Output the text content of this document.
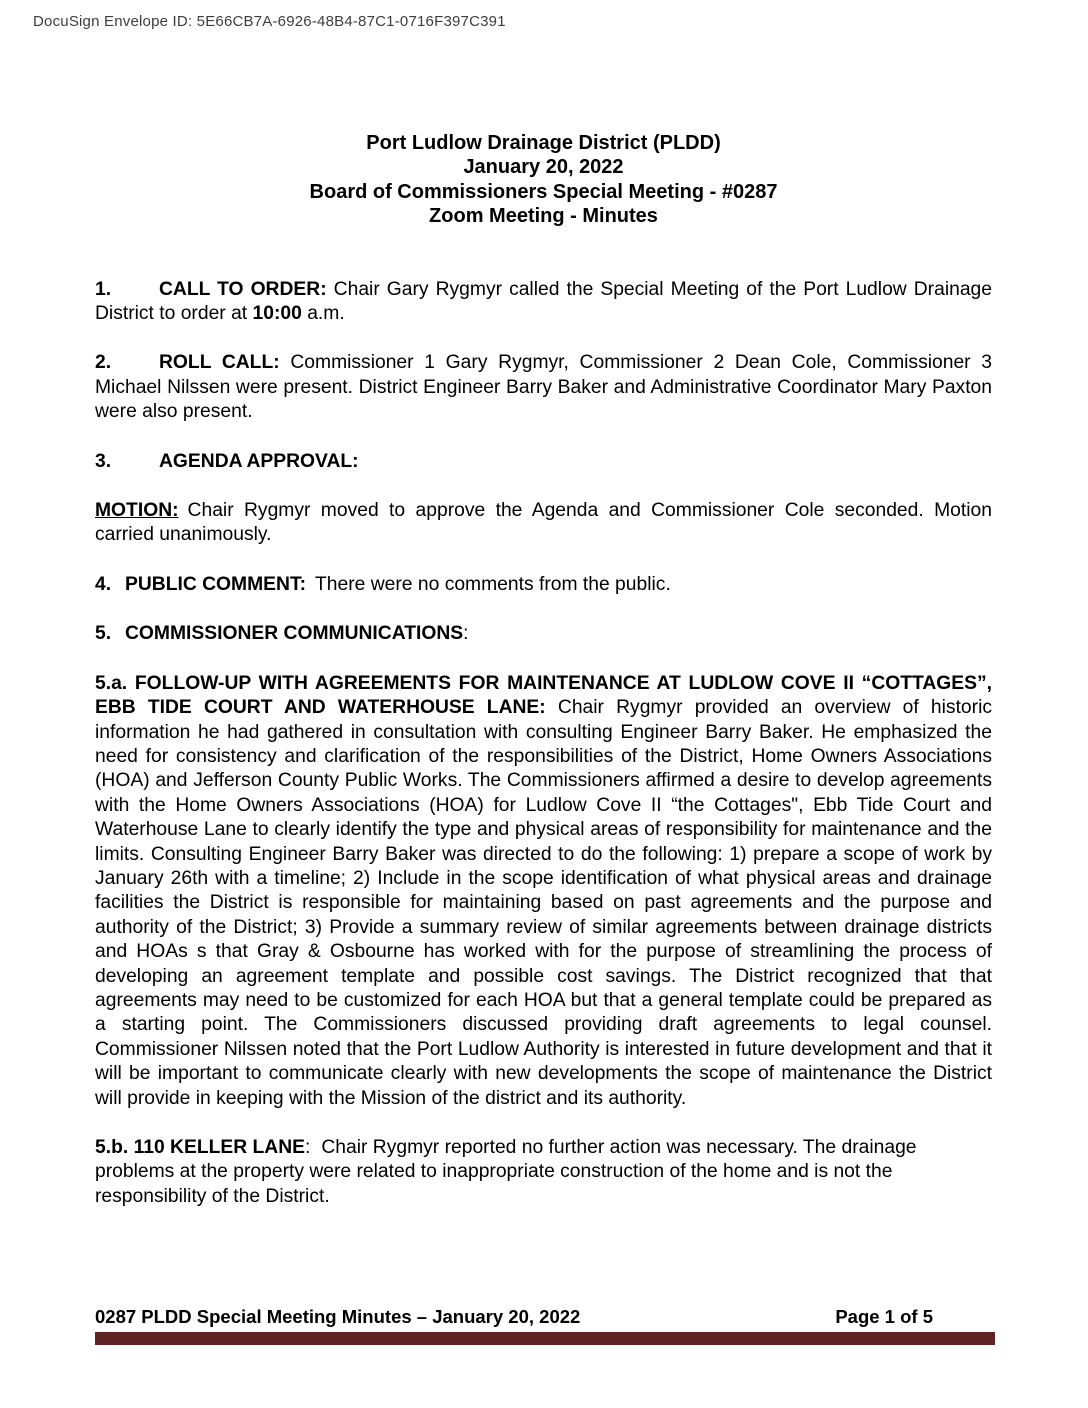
DocuSign Envelope ID: 5E66CB7A-6926-48B4-87C1-0716F397C391

Port Ludlow Drainage District (PLDD)

January 20, 2022

Board of Commissioners Special Meeting - #0287

Zoom Meeting - Minutes

1. CALL TO ORDER: Chair Gary Rygmyr called the Special Meeting of the Port Ludlow Drainage District to order at 10:00 a.m.

2. ROLL CALL: Commissioner 1 Gary Rygmyr, Commissioner 2 Dean Cole, Commissioner 3 Michael Nilssen were present. District Engineer Barry Baker and Administrative Coordinator Mary Paxton were also present.

3. AGENDA APPROVAL:

MOTION: Chair Rygmyr moved to approve the Agenda and Commissioner Cole seconded. Motion carried unanimously.

4. PUBLIC COMMENT: There were no comments from the public.

5. COMMISSIONER COMMUNICATIONS:

5.a. FOLLOW-UP WITH AGREEMENTS FOR MAINTENANCE AT LUDLOW COVE II “COTTAGES”, EBB TIDE COURT AND WATERHOUSE LANE: Chair Rygmyr provided an overview of historic information he had gathered in consultation with consulting Engineer Barry Baker. He emphasized the need for consistency and clarification of the responsibilities of the District, Home Owners Associations (HOA) and Jefferson County Public Works. The Commissioners affirmed a desire to develop agreements with the Home Owners Associations (HOA) for Ludlow Cove II “the Cottages", Ebb Tide Court and Waterhouse Lane to clearly identify the type and physical areas of responsibility for maintenance and the limits. Consulting Engineer Barry Baker was directed to do the following: 1) prepare a scope of work by January 26th with a timeline; 2) Include in the scope identification of what physical areas and drainage facilities the District is responsible for maintaining based on past agreements and the purpose and authority of the District; 3) Provide a summary review of similar agreements between drainage districts and HOAs s that Gray & Osbourne has worked with for the purpose of streamlining the process of developing an agreement template and possible cost savings. The District recognized that that agreements may need to be customized for each HOA but that a general template could be prepared as a starting point. The Commissioners discussed providing draft agreements to legal counsel. Commissioner Nilssen noted that the Port Ludlow Authority is interested in future development and that it will be important to communicate clearly with new developments the scope of maintenance the District will provide in keeping with the Mission of the district and its authority.

5.b. 110 KELLER LANE: Chair Rygmyr reported no further action was necessary. The drainage problems at the property were related to inappropriate construction of the home and is not the responsibility of the District.

0287 PLDD Special Meeting Minutes – January 20, 2022	Page 1 of 5
